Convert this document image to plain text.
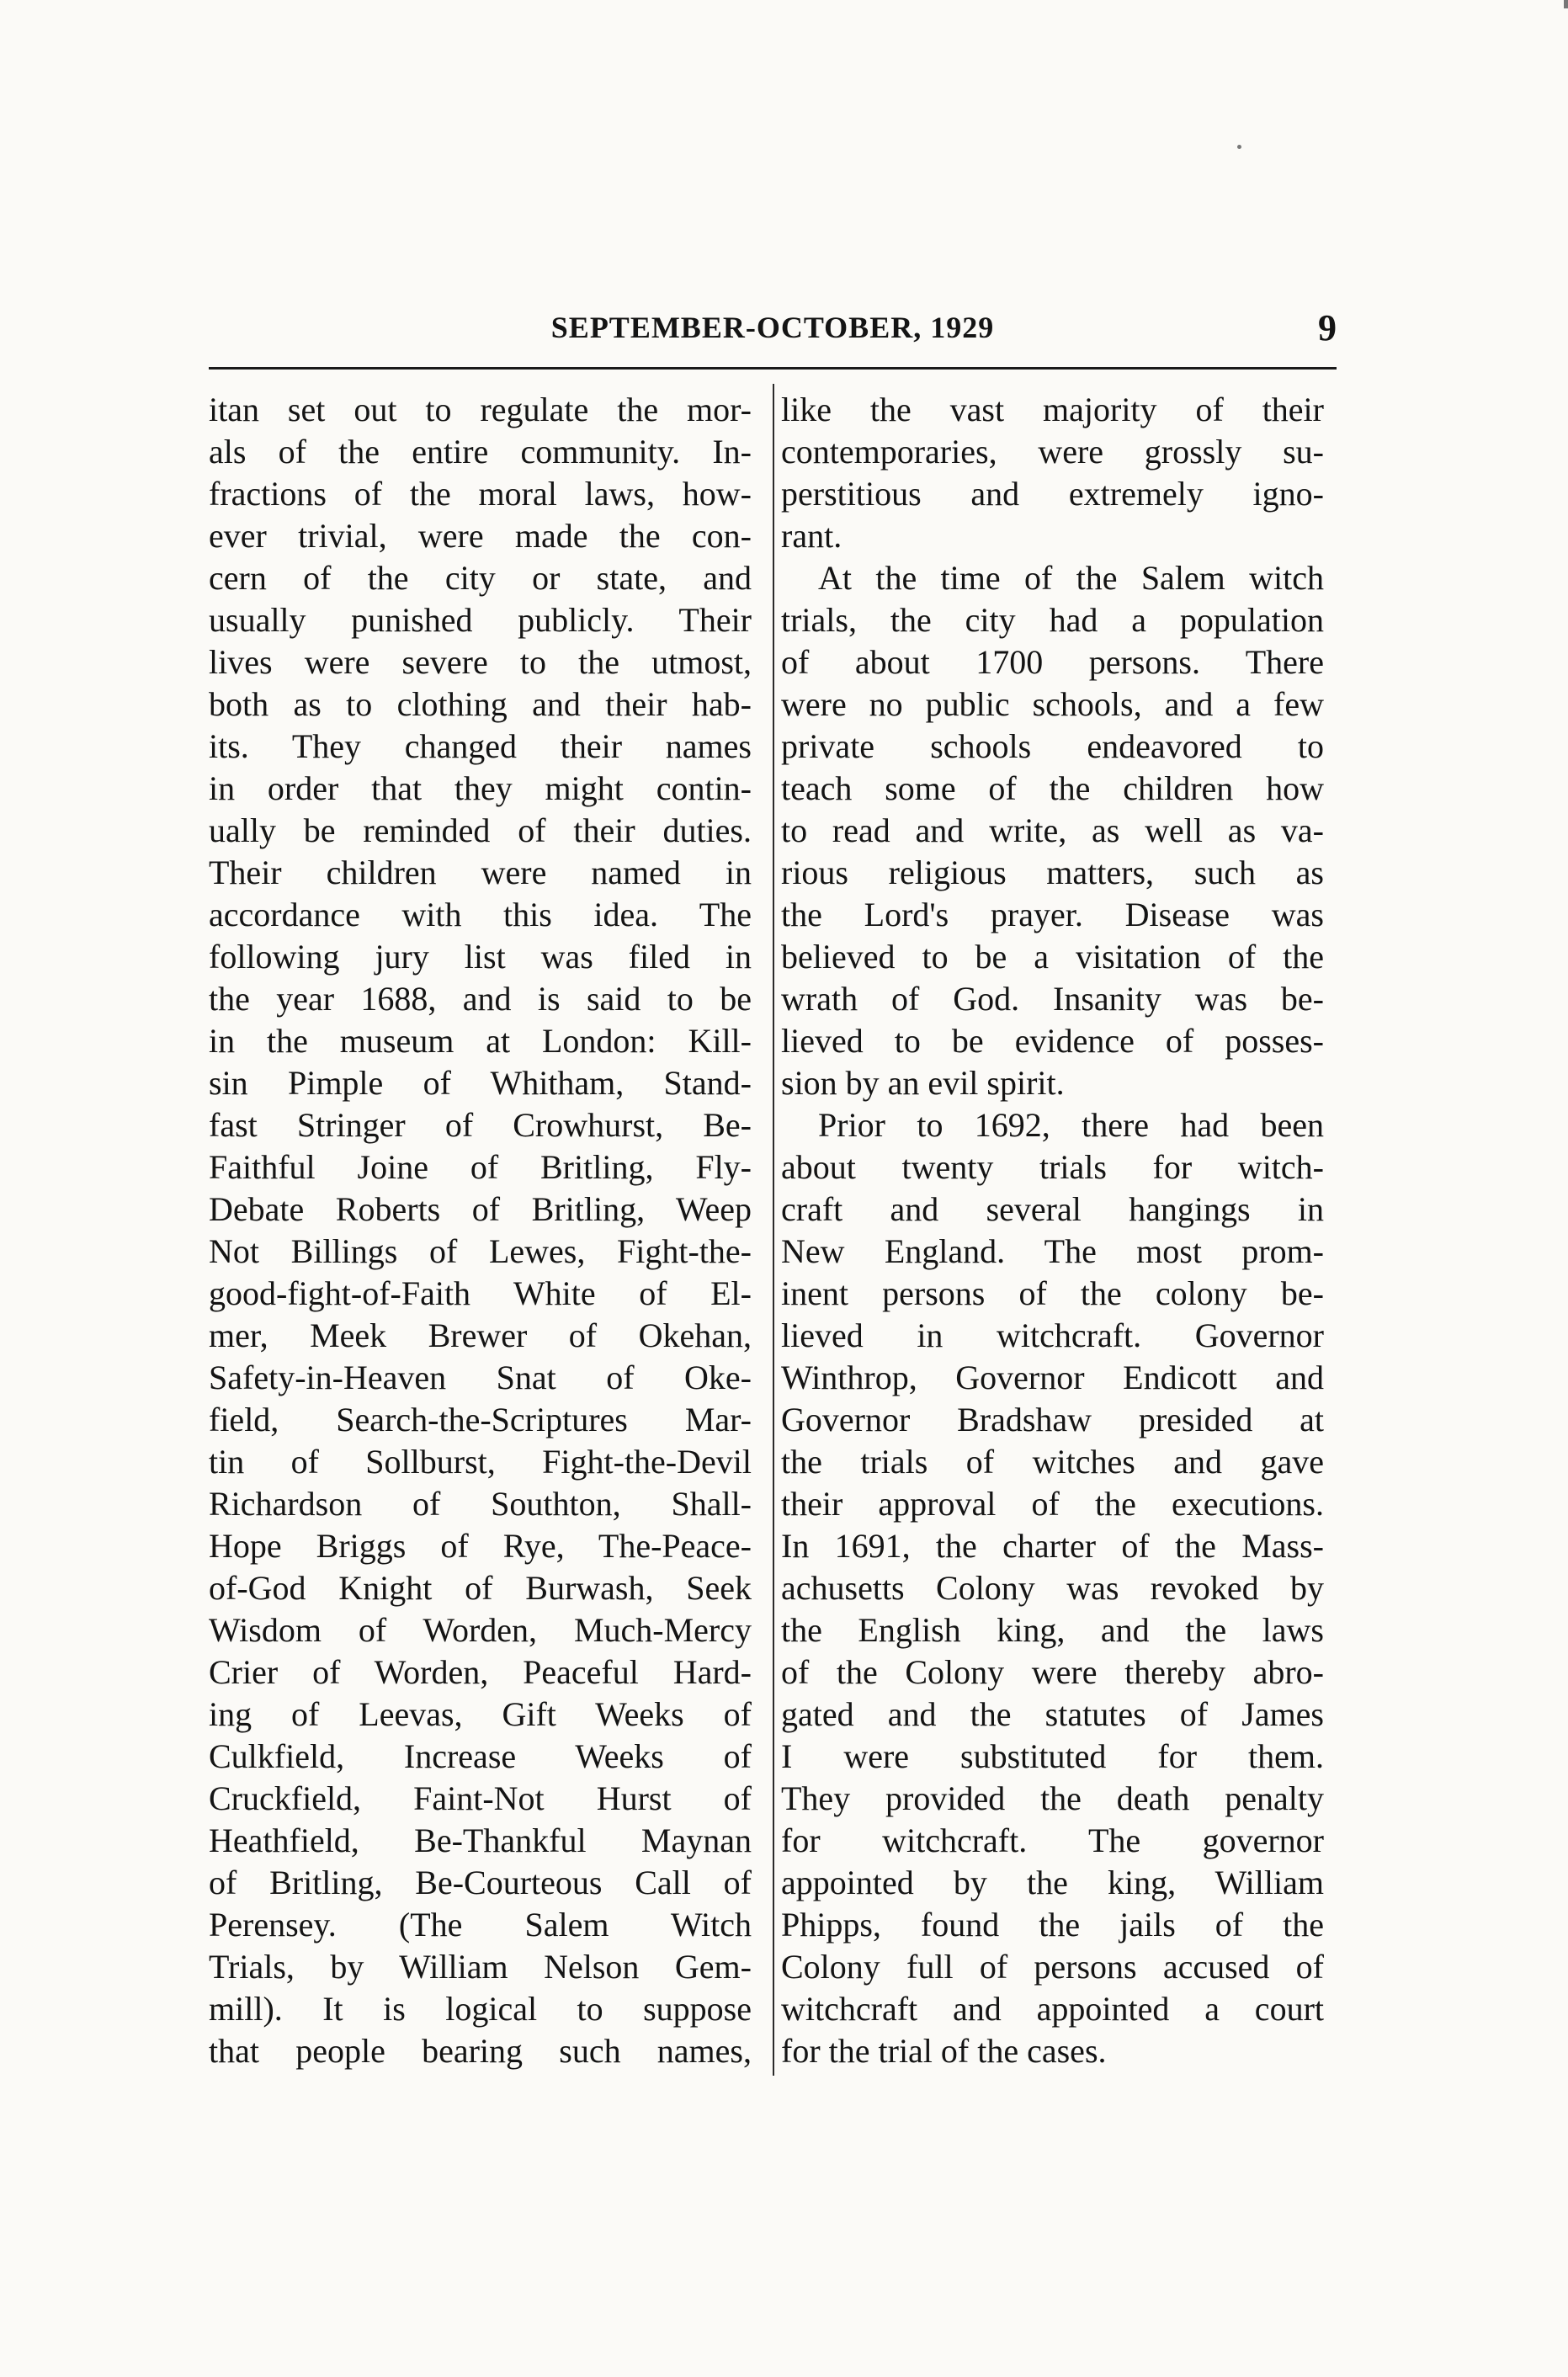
SEPTEMBER-OCTOBER, 1929	9
itan set out to regulate the mor-
als of the entire community. In-
fractions of the moral laws, how-
ever trivial, were made the con-
cern of the city or state, and
usually punished publicly. Their
lives were severe to the utmost,
both as to clothing and their hab-
its. They changed their names
in order that they might contin-
ually be reminded of their duties.
Their children were named in
accordance with this idea. The
following jury list was filed in
the year 1688, and is said to be
in the museum at London: Kill-
sin Pimple of Whitham, Stand-
fast Stringer of Crowhurst, Be-
Faithful Joine of Britling, Fly-
Debate Roberts of Britling, Weep
Not Billings of Lewes, Fight-the-
good-fight-of-Faith White of El-
mer, Meek Brewer of Okehan,
Safety-in-Heaven Snat of Oke-
field, Search-the-Scriptures Mar-
tin of Sollburst, Fight-the-Devil
Richardson of Southton, Shall-
Hope Briggs of Rye, The-Peace-
of-God Knight of Burwash, Seek
Wisdom of Worden, Much-Mercy
Crier of Worden, Peaceful Hard-
ing of Leevas, Gift Weeks of
Culkfield, Increase Weeks of
Cruckfield, Faint-Not Hurst of
Heathfield, Be-Thankful Maynan
of Britling, Be-Courteous Call of
Perensey. (The Salem Witch
Trials, by William Nelson Gem-
mill). It is logical to suppose
that people bearing such names,
like the vast majority of their
contemporaries, were grossly su-
perstitious and extremely igno-
rant.
At the time of the Salem witch
trials, the city had a population
of about 1700 persons. There
were no public schools, and a few
private schools endeavored to
teach some of the children how
to read and write, as well as va-
rious religious matters, such as
the Lord's prayer. Disease was
believed to be a visitation of the
wrath of God. Insanity was be-
lieved to be evidence of posses-
sion by an evil spirit.
Prior to 1692, there had been
about twenty trials for witch-
craft and several hangings in
New England. The most prom-
inent persons of the colony be-
lieved in witchcraft. Governor
Winthrop, Governor Endicott and
Governor Bradshaw presided at
the trials of witches and gave
their approval of the executions.
In 1691, the charter of the Mass-
achusetts Colony was revoked by
the English king, and the laws
of the Colony were thereby abro-
gated and the statutes of James
I were substituted for them.
They provided the death penalty
for witchcraft. The governor
appointed by the king, William
Phipps, found the jails of the
Colony full of persons accused of
witchcraft and appointed a court
for the trial of the cases.
